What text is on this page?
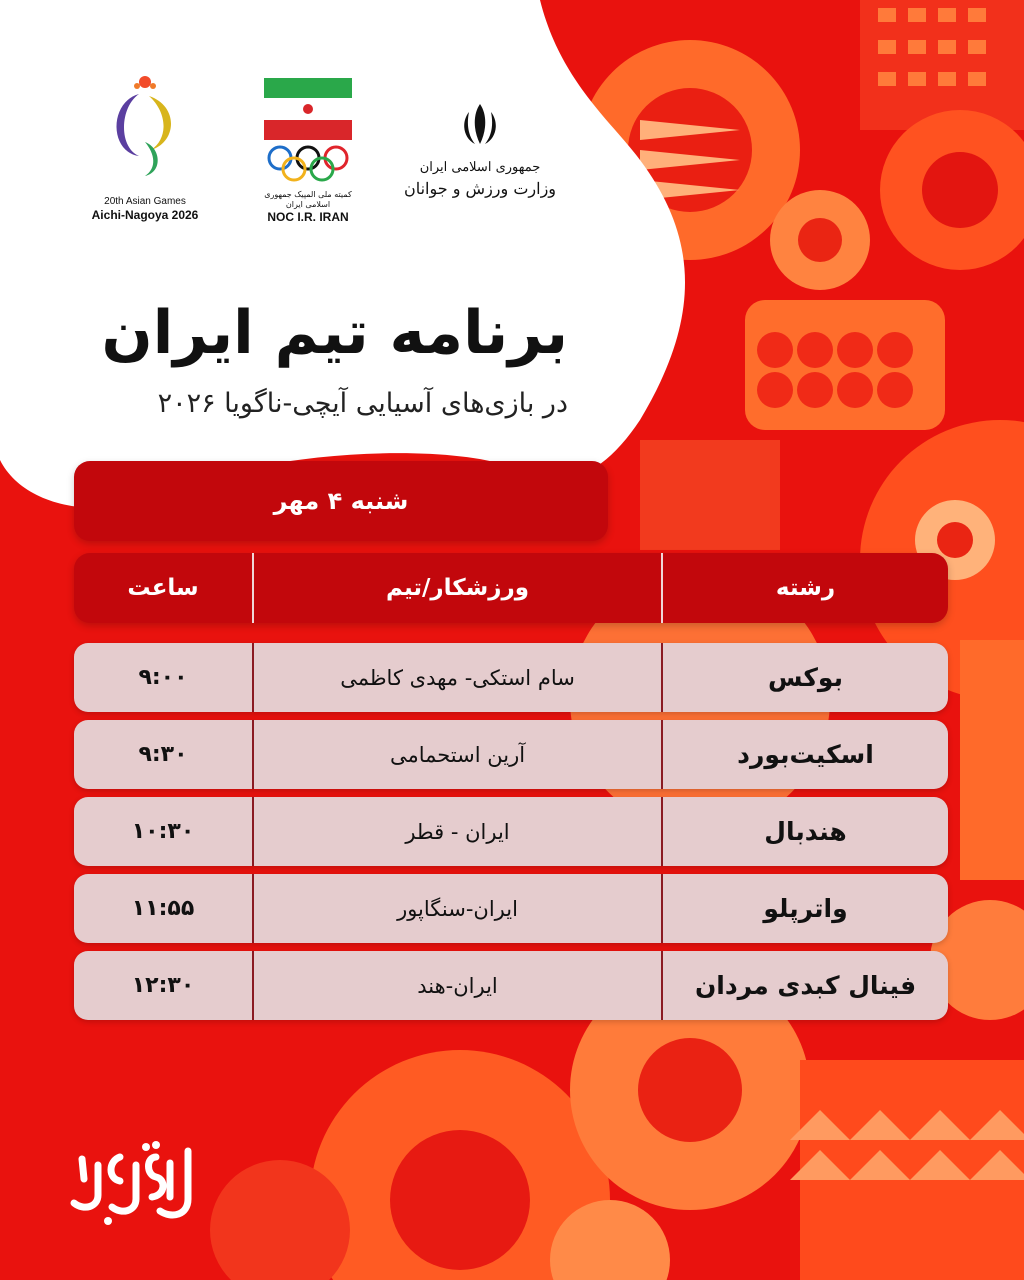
20th Asian Games
Aichi-Nagoya 2026

کمیته ملی المپیک جمهوری اسلامی ایران
NOC I.R. IRAN
جمهوری اسلامی ایران
وزارت ورزش و جوانان
برنامه تیم ایران
در بازی‌های آسیایی آیچی-ناگویا ۲۰۲۶
شنبه ۴ مهر
ساعت	ورزشکار/تیم	رشته
۹:۰۰	سام استکی- مهدی کاظمی	بوکس
۹:۳۰	آرین استحمامی	اسکیت‌بورد
۱۰:۳۰	ایران - قطر	هندبال
۱۱:۵۵	ایران-سنگاپور	واترپلو
۱۲:۳۰	ایران-هند	فینال کبدی مردان
